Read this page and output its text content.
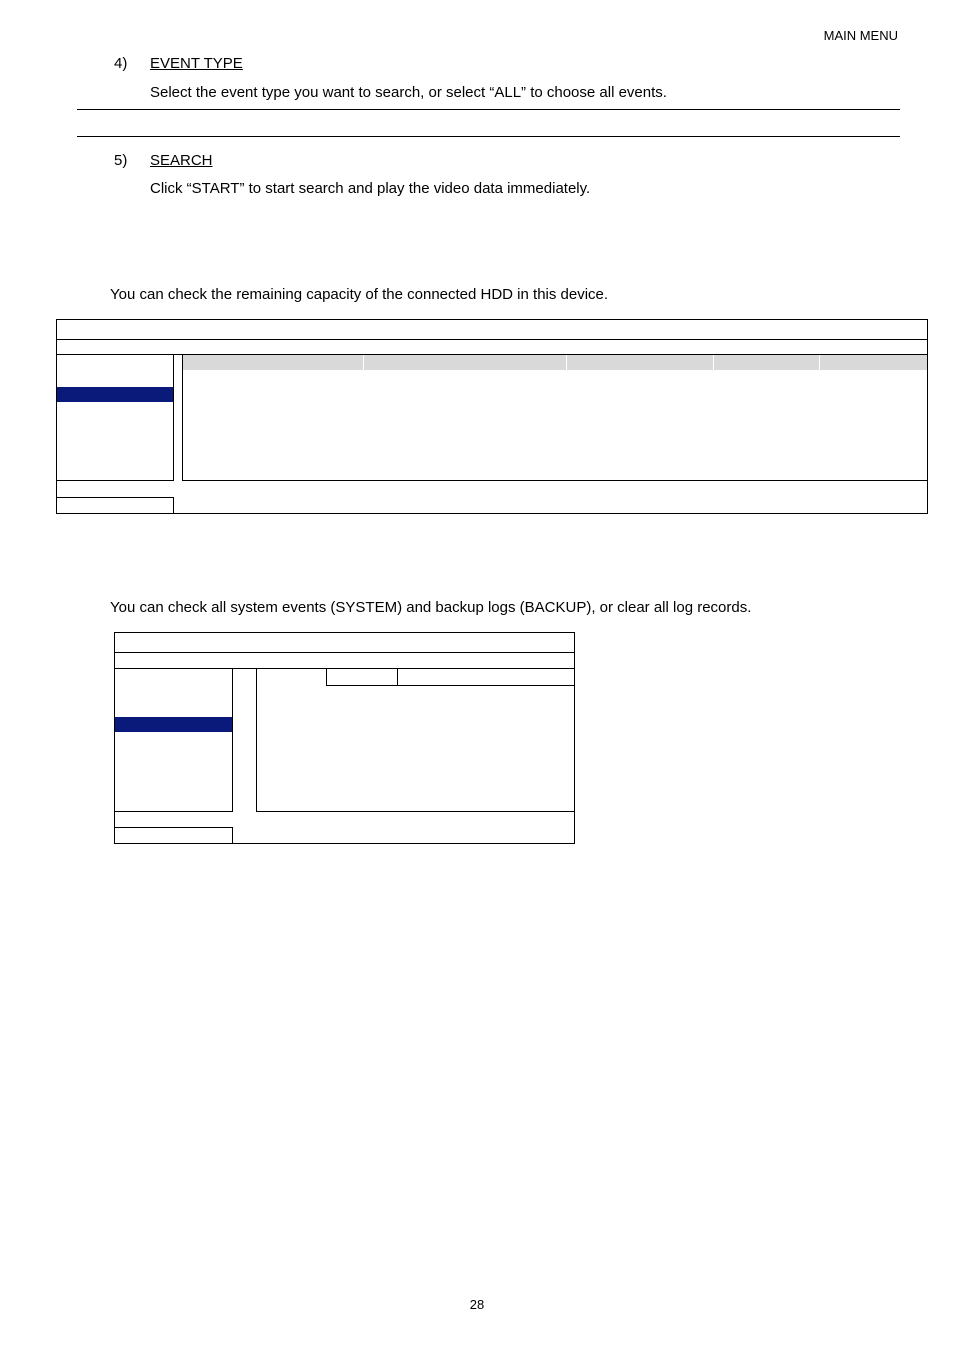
MAIN MENU
4) EVENT TYPE
Select the event type you want to search, or select “ALL” to choose all events.
5) SEARCH
Click “START” to start search and play the video data immediately.
You can check the remaining capacity of the connected HDD in this device.
You can check all system events (SYSTEM) and backup logs (BACKUP), or clear all log records.
28
